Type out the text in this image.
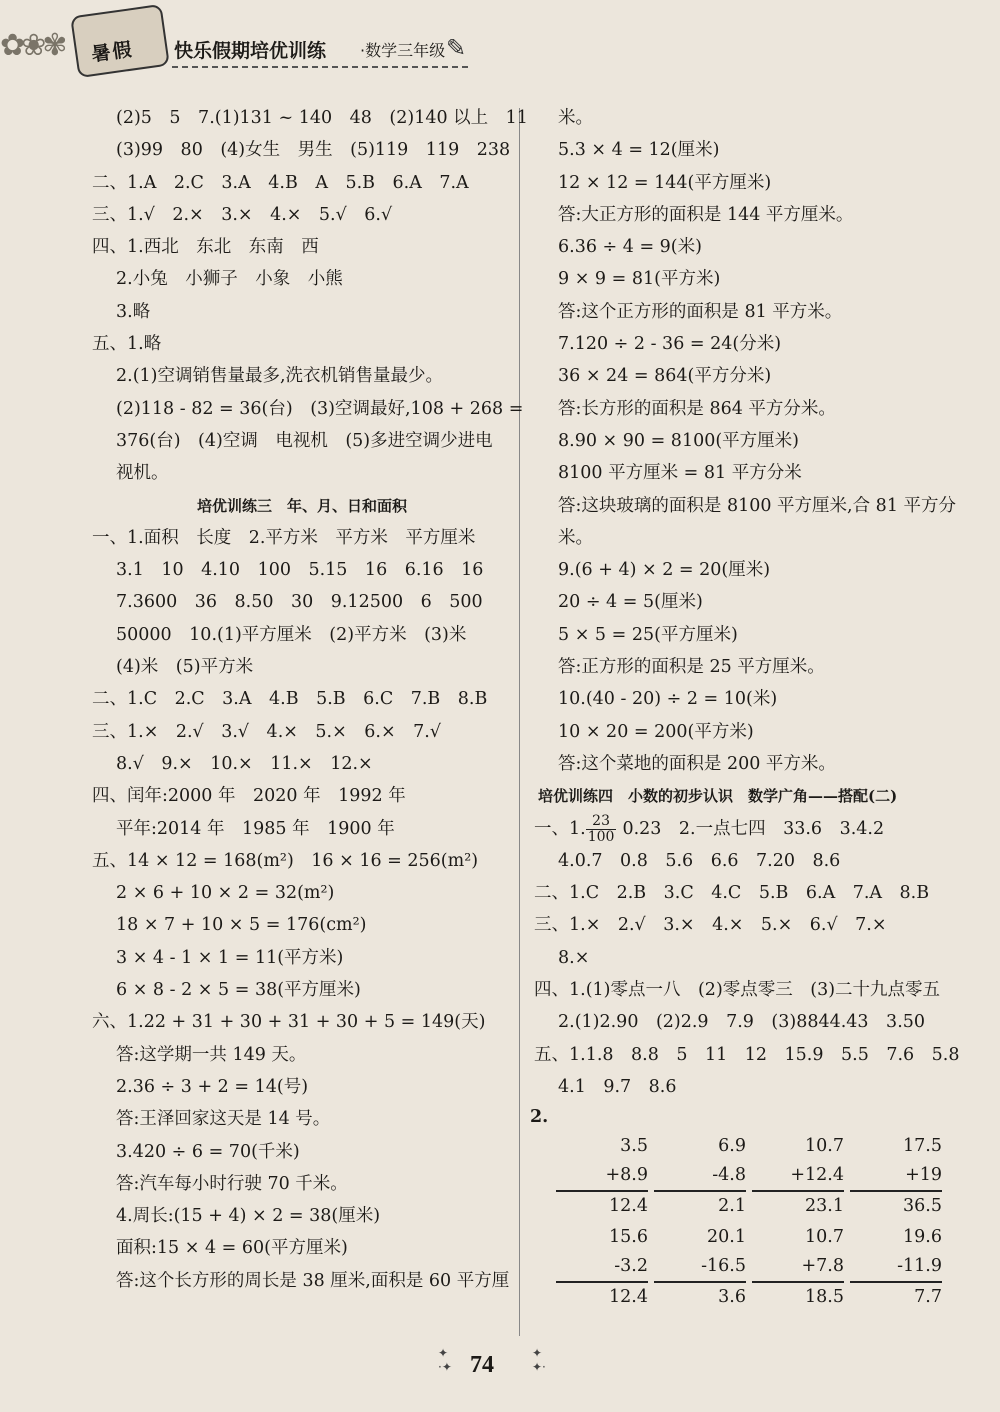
✿❀✾ 暑假 快乐假期培优训练 ·数学三年级 ✎
(2)5　5　7.(1)131 ~ 140　48　(2)140 以上　11
(3)99　80　(4)女生　男生　(5)119　119　238
二、1.A　2.C　3.A　4.B　A　5.B　6.A　7.A
三、1.√　2.×　3.×　4.×　5.√　6.√
四、1.西北　东北　东南　西
2.小兔　小狮子　小象　小熊
3.略
五、1.略
2.(1)空调销售量最多,洗衣机销售量最少。
(2)118 - 82 = 36(台)　(3)空调最好,108 + 268 =
376(台)　(4)空调　电视机　(5)多进空调少进电
视机。
培优训练三　年、月、日和面积
一、1.面积　长度　2.平方米　平方米　平方厘米
3.1　10　4.10　100　5.15　16　6.16　16
7.3600　36　8.50　30　9.12500　6　500
50000　10.(1)平方厘米　(2)平方米　(3)米
(4)米　(5)平方米
二、1.C　2.C　3.A　4.B　5.B　6.C　7.B　8.B
三、1.×　2.√　3.√　4.×　5.×　6.×　7.√
8.√　9.×　10.×　11.×　12.×
四、闰年:2000 年　2020 年　1992 年
平年:2014 年　1985 年　1900 年
五、14 × 12 = 168(m²)　16 × 16 = 256(m²)
2 × 6 + 10 × 2 = 32(m²)
18 × 7 + 10 × 5 = 176(cm²)
3 × 4 - 1 × 1 = 11(平方米)
6 × 8 - 2 × 5 = 38(平方厘米)
六、1.22 + 31 + 30 + 31 + 30 + 5 = 149(天)
答:这学期一共 149 天。
2.36 ÷ 3 + 2 = 14(号)
答:王泽回家这天是 14 号。
3.420 ÷ 6 = 70(千米)
答:汽车每小时行驶 70 千米。
4.周长:(15 + 4) × 2 = 38(厘米)
面积:15 × 4 = 60(平方厘米)
答:这个长方形的周长是 38 厘米,面积是 60 平方厘
米。
5.3 × 4 = 12(厘米)
12 × 12 = 144(平方厘米)
答:大正方形的面积是 144 平方厘米。
6.36 ÷ 4 = 9(米)
9 × 9 = 81(平方米)
答:这个正方形的面积是 81 平方米。
7.120 ÷ 2 - 36 = 24(分米)
36 × 24 = 864(平方分米)
答:长方形的面积是 864 平方分米。
8.90 × 90 = 8100(平方厘米)
8100 平方厘米 = 81 平方分米
答:这块玻璃的面积是 8100 平方厘米,合 81 平方分
米。
9.(6 + 4) × 2 = 20(厘米)
20 ÷ 4 = 5(厘米)
5 × 5 = 25(平方厘米)
答:正方形的面积是 25 平方厘米。
10.(40 - 20) ÷ 2 = 10(米)
10 × 20 = 200(平方米)
答:这个菜地的面积是 200 平方米。
培优训练四　小数的初步认识　数学广角——搭配(二)
一、1. $\frac{23}{100} 0.23$　2.一点七四　33.6　3.4.2
4.0.7　0.8　5.6　6.6　7.20　8.6
二、1.C　2.B　3.C　4.C　5.B　6.A　7.A　8.B
三、1.×　2.√　3.×　4.×　5.×　6.√　7.×
8.×
四、1.(1)零点一八　(2)零点零三　(3)二十九点零五
2.(1)2.90　(2)2.9　7.9　(3)8844.43　3.50
五、1.1.8　8.8　5　11　12　15.9　5.5　7.6　5.8
4.1　9.7　8.6
2.
3.5
+8.9
12.4
6.9
-4.8
2.1
10.7
+12.4
23.1
17.5
+19
36.5
15.6
-3.2
12.4
20.1
-16.5
3.6
10.7
+7.8
18.5
19.6
-11.9
7.7
✦
·✦ 74	✦
✦·
